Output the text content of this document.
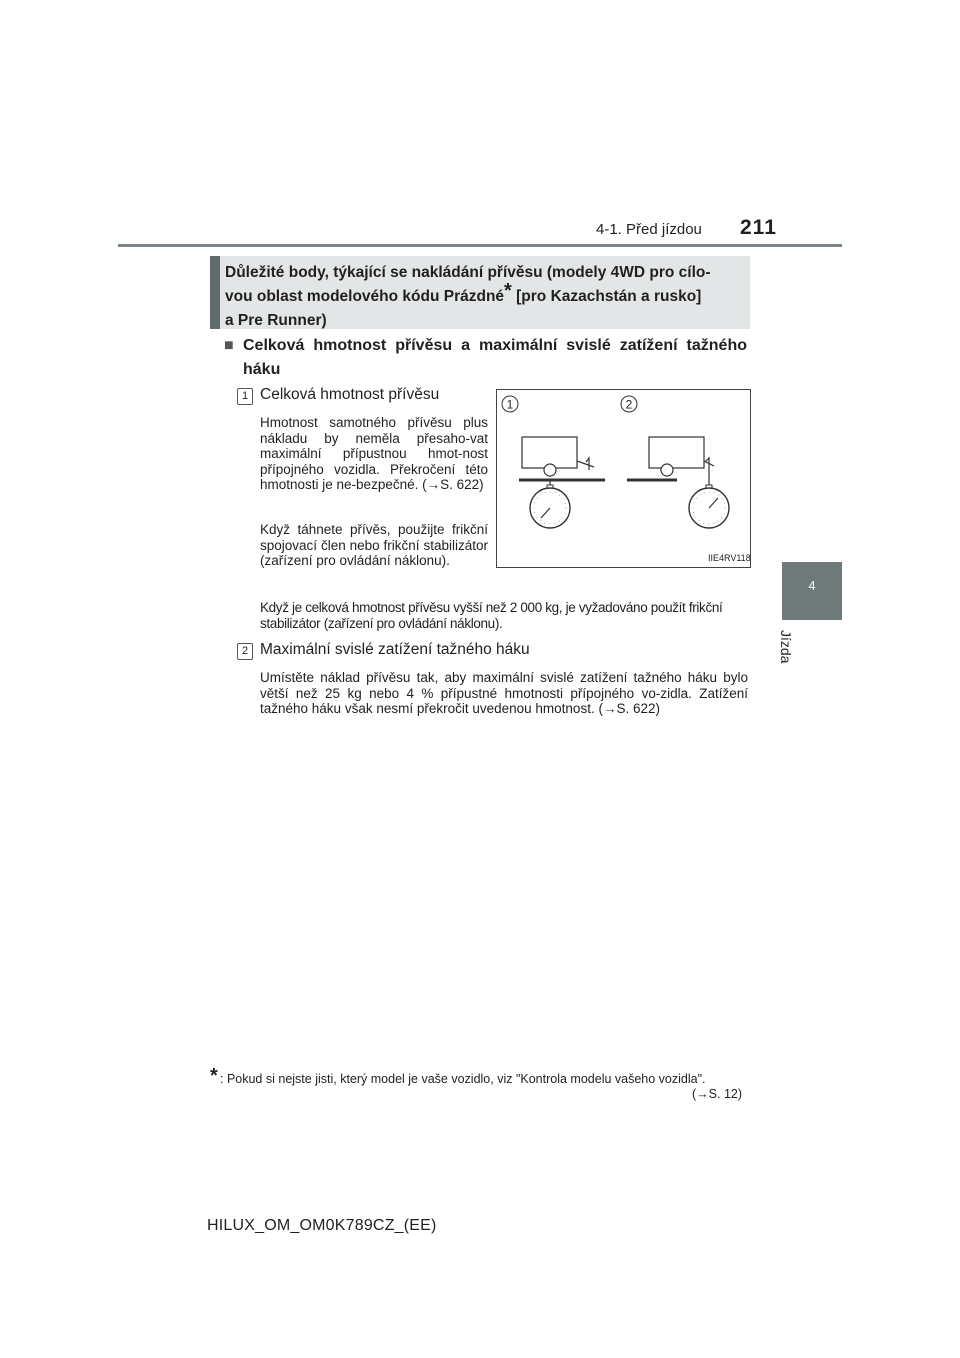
4-1. Před jízdou 211
4
Jízda
Důležité body, týkající se nakládání přívěsu (modely 4WD pro cílo-
vou oblast modelového kódu Prázdné* [pro Kazachstán a rusko]
a Pre Runner)
■ Celková hmotnost přívěsu a maximální svislé zatížení tažného háku
1 Celková hmotnost přívěsu
Hmotnost samotného přívěsu plus nákladu by neměla přesaho-vat maximální přípustnou hmot-nost přípojného vozidla. Překročení této hmotnosti je ne-bezpečné. (→S. 622)
Když táhnete přívěs, použijte frikční spojovací člen nebo frikční stabilizátor (zařízení pro ovládání náklonu).
Když je celková hmotnost přívěsu vyšší než 2 000 kg, je vyžadováno použít frikční stabilizátor (zařízení pro ovládání náklonu).
2 Maximální svislé zatížení tažného háku
Umístěte náklad přívěsu tak, aby maximální svislé zatížení tažného háku bylo větší než 25 kg nebo 4 % přípustné hmotnosti přípojného vo-zidla. Zatížení tažného háku však nesmí překročit uvedenou hmotnost. (→S. 622)
1	2
IIE4RV118
* : Pokud si nejste jisti, který model je vaše vozidlo, viz "Kontrola modelu vašeho vozidla".
(→S. 12)
HILUX_OM_OM0K789CZ_(EE)
